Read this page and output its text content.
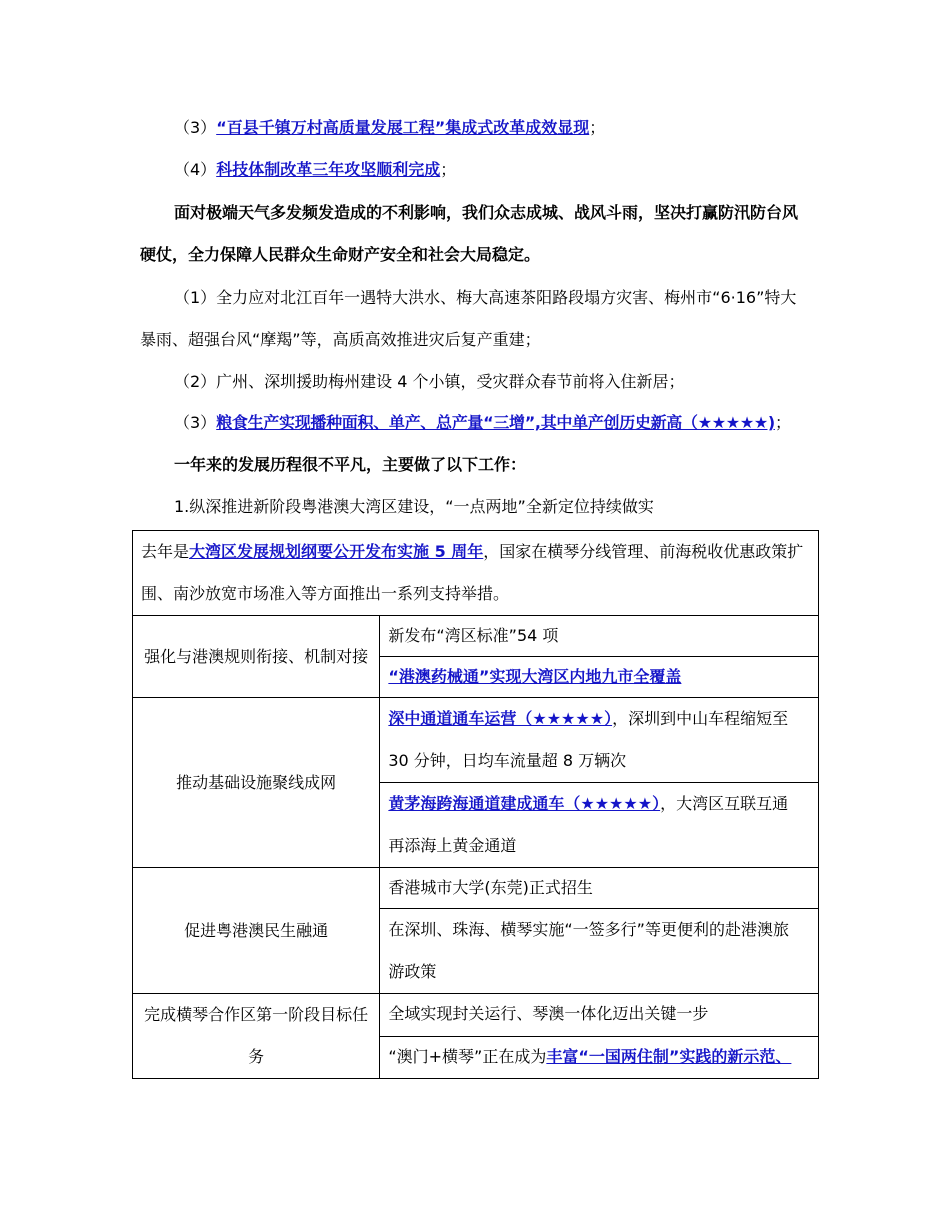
（3）“百县千镇万村高质量发展工程”集成式改革成效显现；
（4）科技体制改革三年攻坚顺利完成；
面对极端天气多发频发造成的不利影响，我们众志成城、战风斗雨，坚决打赢防汛防台风
硬仗，全力保障人民群众生命财产安全和社会大局稳定。
（1）全力应对北江百年一遇特大洪水、梅大高速茶阳路段塌方灾害、梅州市“6·16”特大
暴雨、超强台风“摩羯”等，高质高效推进灾后复产重建；
（2）广州、深圳援助梅州建设 4 个小镇，受灾群众春节前将入住新居；
（3）粮食生产实现播种面积、单产、总产量“三增”,其中单产创历史新高（★★★★★)；
一年来的发展历程很不平凡，主要做了以下工作：
1.纵深推进新阶段粤港澳大湾区建设，“一点两地”全新定位持续做实
去年是大湾区发展规划纲要公开发布实施 5 周年，国家在横琴分线管理、前海税收优惠政策扩
围、南沙放宽市场准入等方面推出一系列支持举措。	

强化与港澳规则衔接、机制对接	新发布“湾区标准”54 项
	“港澳药械通”实现大湾区内地九市全覆盖
推动基础设施聚线成网	深中通道通车运营（★★★★★），深圳到中山车程缩短至
30 分钟，日均车流量超 8 万辆次

	黄茅海跨海通道建成通车（★★★★★），大湾区互联互通
再添海上黄金通道

促进粤港澳民生融通	香港城市大学(东莞)正式招生

	在深圳、珠海、横琴实施“一签多行”等更便利的赴港澳旅
游政策

完成横琴合作区第一阶段目标任
务	全域实现封关运行、琴澳一体化迈出关键一步

	“澳门+横琴”正在成为丰富“一国两住制”实践的新示范、
